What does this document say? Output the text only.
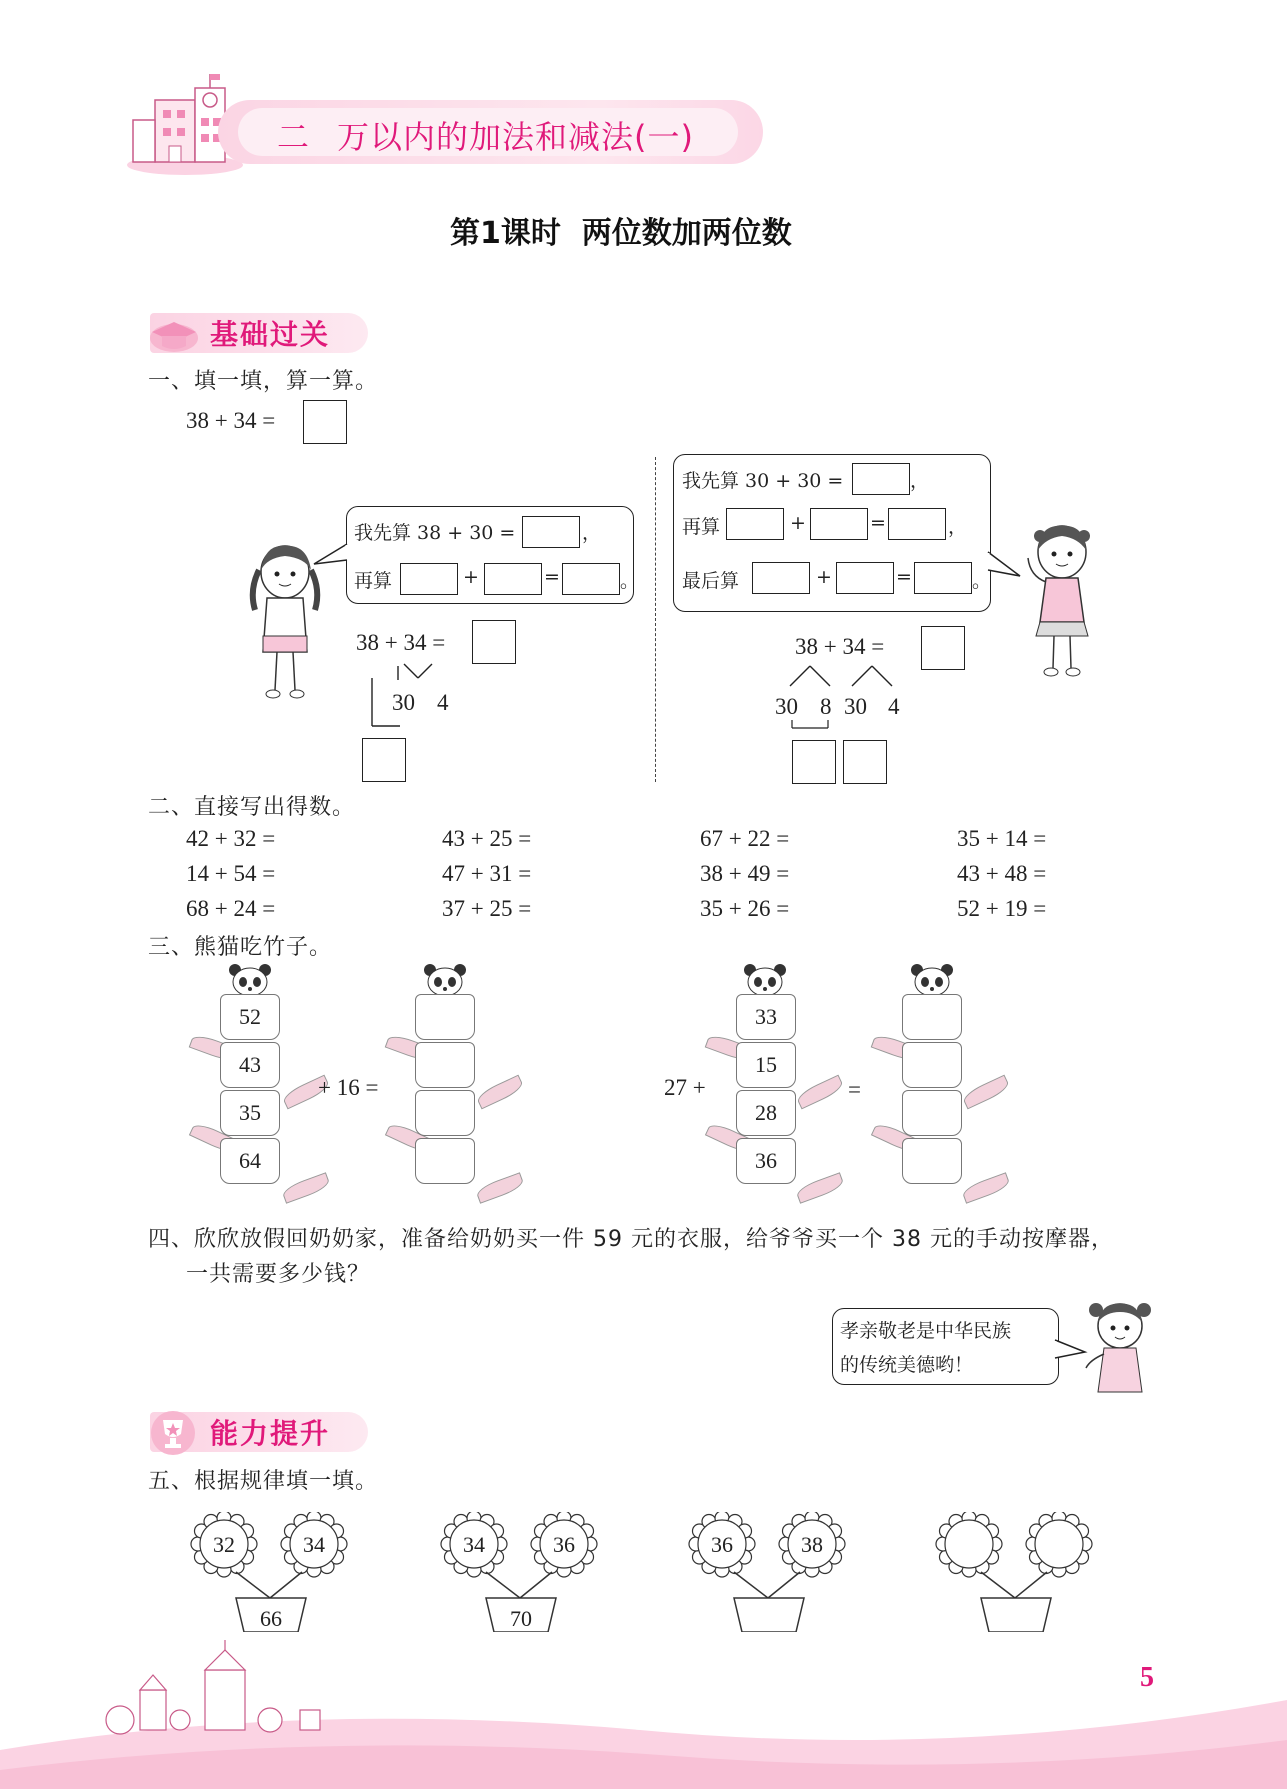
二 万以内的加法和减法(一)
第1课时  两位数加两位数
基础过关
一、填一填，算一算。
38 + 34 =
我先算 38 + 30 =	，
再算	+	=	。
38 + 34 =
30 4
我先算 30 + 30 =	，
再算	+	=	，
最后算	+	=	。
38 + 34 =
30 8 30 4
二、直接写出得数。
42 + 32 =	43 + 25 =	67 + 22 =	35 + 14 =
14 + 54 =	47 + 31 =	38 + 49 =	43 + 48 =
68 + 24 =	37 + 25 =	35 + 26 =	52 + 19 =
三、熊猫吃竹子。
52
43
35
64
+ 16 =	27 +
33
15
28
36
=
四、欣欣放假回奶奶家，准备给奶奶买一件 59 元的衣服，给爷爷买一个 38 元的手动按摩器，
一共需要多少钱？
孝亲敬老是中华民族
的传统美德哟！
能力提升
五、根据规律填一填。
32	34
66
34	36
70
36	38
5
